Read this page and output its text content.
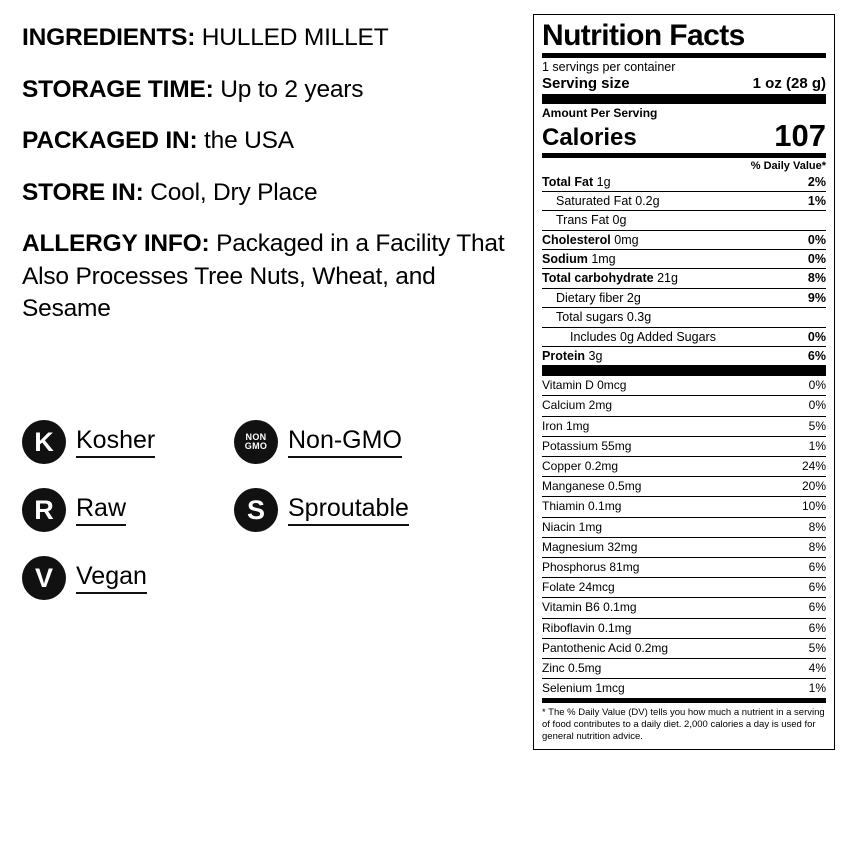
INGREDIENTS: HULLED MILLET
STORAGE TIME: Up to 2 years
PACKAGED IN: the USA
STORE IN: Cool, Dry Place
ALLERGY INFO: Packaged in a Facility That Also Processes Tree Nuts, Wheat, and Sesame
K Kosher	NON
GMO Non-GMO
R Raw	S Sproutable
V Vegan
Nutrition Facts
1 servings per container
Serving size	1 oz (28 g)
Amount Per Serving
Calories	107
% Daily Value*
Total Fat 1g	2%
Saturated Fat 0.2g	1%
Trans Fat 0g
Cholesterol 0mg	0%
Sodium 1mg	0%
Total carbohydrate 21g	8%
Dietary fiber 2g	9%
Total sugars 0.3g
Includes 0g Added Sugars	0%
Protein 3g	6%
Vitamin D 0mcg	0%
Calcium 2mg	0%
Iron 1mg	5%
Potassium 55mg	1%
Copper 0.2mg	24%
Manganese 0.5mg	20%
Thiamin 0.1mg	10%
Niacin 1mg	8%
Magnesium 32mg	8%
Phosphorus 81mg	6%
Folate 24mcg	6%
Vitamin B6 0.1mg	6%
Riboflavin 0.1mg	6%
Pantothenic Acid 0.2mg	5%
Zinc 0.5mg	4%
Selenium 1mcg	1%
* The % Daily Value (DV) tells you how much a nutrient in a serving of food contributes to a daily diet. 2,000 calories a day is used for general nutrition advice.
